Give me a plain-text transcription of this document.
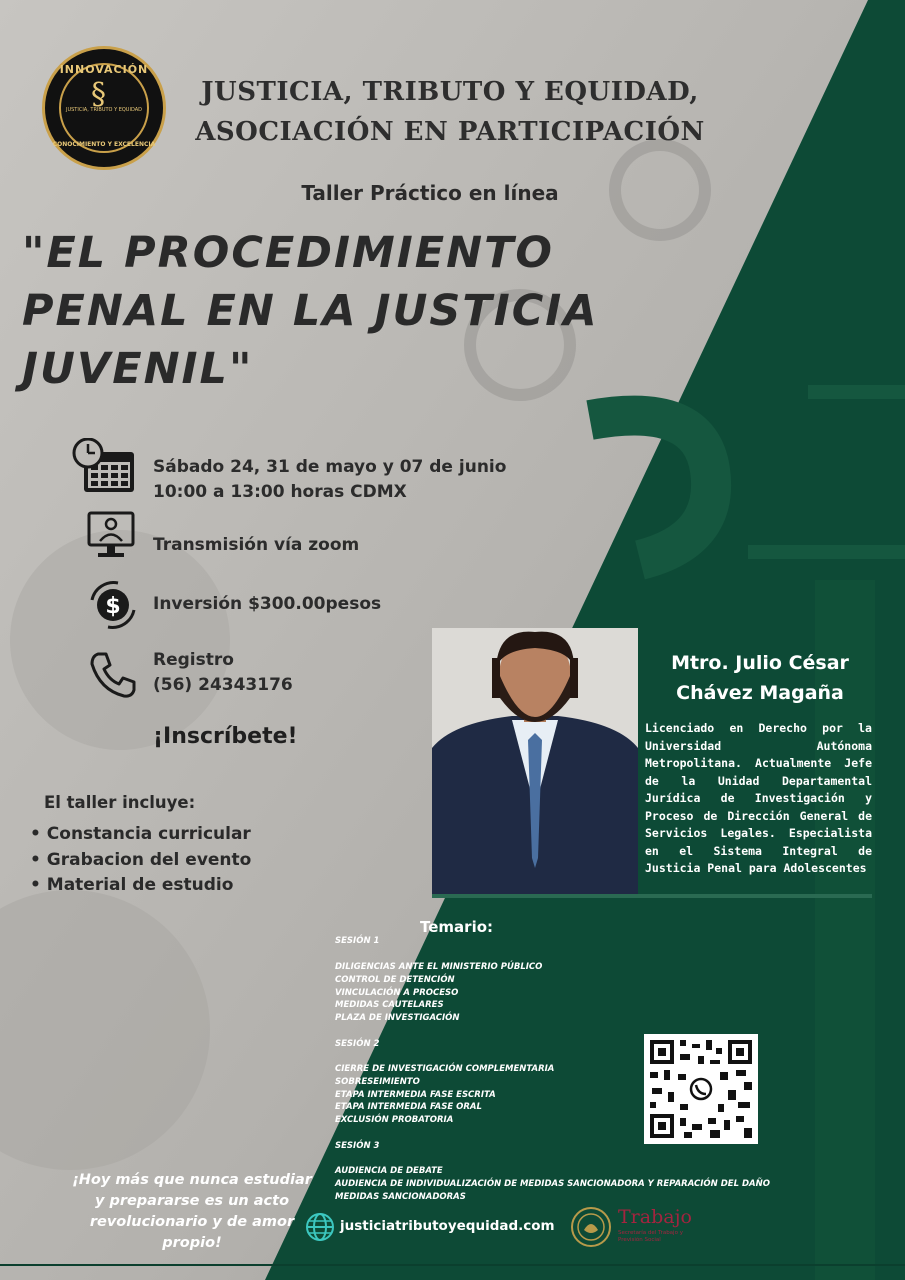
INNOVACIÓN
§
JUSTICIA, TRIBUTO Y EQUIDAD
CONOCIMIENTO Y EXCELENCIA
JUSTICIA, TRIBUTO Y EQUIDAD,
ASOCIACIÓN EN PARTICIPACIÓN
Taller Práctico en línea
"EL PROCEDIMIENTO
PENAL EN LA JUSTICIA
JUVENIL"
Sábado 24, 31 de mayo y 07 de junio
10:00 a 13:00 horas CDMX
Transmisión vía zoom
$ Inversión $300.00pesos
Registro
(56) 24343176
¡Inscríbete!
El taller incluye:
• Constancia curricular
• Grabacion del evento
• Material de estudio
Mtro. Julio César
Chávez Magaña
Licenciado en Derecho por la Universidad Autónoma Metropolitana. Actualmente Jefe de la Unidad Departamental Jurídica de Investigación y Proceso de Dirección General de Servicios Legales. Especialista en el Sistema Integral de Justicia Penal para Adolescentes
Temario:
SESIÓN 1
DILIGENCIAS ANTE EL MINISTERIO PÚBLICO
CONTROL DE DETENCIÓN
VINCULACIÓN A PROCESO
MEDIDAS CAUTELARES
PLAZA DE INVESTIGACIÓN
SESIÓN 2
CIERRE DE INVESTIGACIÓN COMPLEMENTARIA
SOBRESEIMIENTO
ETAPA INTERMEDIA FASE ESCRITA
ETAPA INTERMEDIA FASE ORAL
EXCLUSIÓN PROBATORIA
SESIÓN 3
AUDIENCIA DE DEBATE
AUDIENCIA DE INDIVIDUALIZACIÓN DE MEDIDAS SANCIONADORA Y REPARACIÓN DEL DAÑO
MEDIDAS SANCIONADORAS
¡Hoy más que nunca estudiar y prepararse es un acto revolucionario y de amor propio!
justiciatributoyequidad.com	Trabajo
Secretaría del Trabajo y Previsión Social
